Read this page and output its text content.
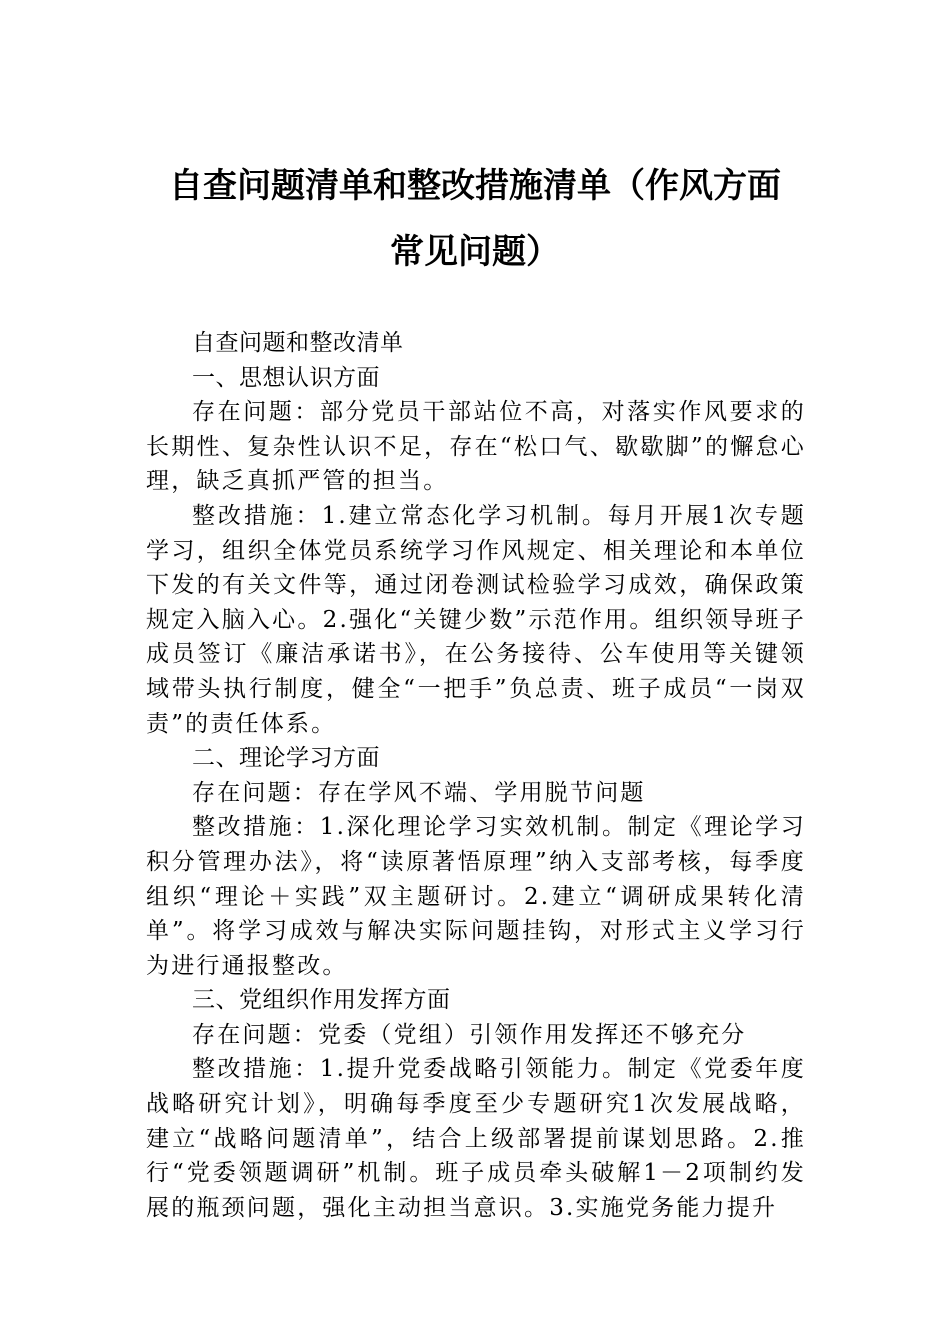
自查问题清单和整改措施清单（作风方面
常见问题）

自查问题和整改清单

一、思想认识方面

存在问题：部分党员干部站位不高，对落实作风要求的长期性、复杂性认识不足，存在“松口气、歇歇脚”的懈怠心理，缺乏真抓严管的担当。

整改措施：1.建立常态化学习机制。每月开展1次专题学习，组织全体党员系统学习作风规定、相关理论和本单位下发的有关文件等，通过闭卷测试检验学习成效，确保政策规定入脑入心。2.强化“关键少数”示范作用。组织领导班子成员签订《廉洁承诺书》，在公务接待、公车使用等关键领域带头执行制度，健全“一把手”负总责、班子成员“一岗双责”的责任体系。

二、理论学习方面

存在问题：存在学风不端、学用脱节问题

整改措施：1.深化理论学习实效机制。制定《理论学习积分管理办法》，将“读原著悟原理”纳入支部考核，每季度组织“理论＋实践”双主题研讨。2.建立“调研成果转化清单”。将学习成效与解决实际问题挂钩，对形式主义学习行为进行通报整改。

三、党组织作用发挥方面

存在问题：党委（党组）引领作用发挥还不够充分

整改措施：1.提升党委战略引领能力。制定《党委年度战略研究计划》，明确每季度至少专题研究1次发展战略，建立“战略问题清单”，结合上级部署提前谋划思路。2.推行“党委领题调研”机制。班子成员牵头破解1－2项制约发展的瓶颈问题，强化主动担当意识。3.实施党务能力提升
